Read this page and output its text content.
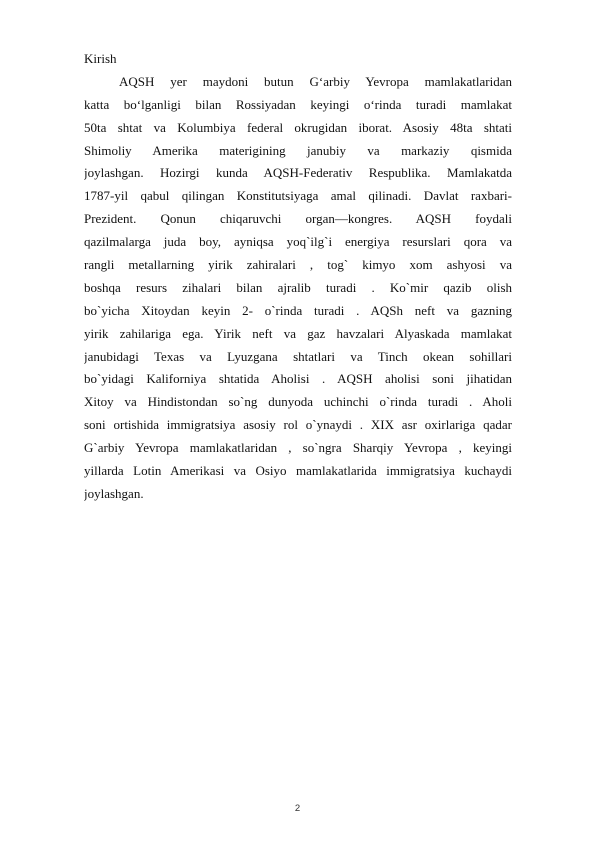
Kirish
AQSH yer maydoni butun G‘arbiy Yevropa mamlakatlaridan
katta bo‘lganligi bilan Rossiyadan keyingi o‘rinda turadi mamlakat
50ta shtat va Kolumbiya federal okrugidan iborat. Asosiy 48ta shtati
Shimoliy Amerika materigining janubiy va markaziy qismida
joylashgan. Hozirgi kunda AQSH-Federativ Respublika. Mamlakatda
1787-yil qabul qilingan Konstitutsiyaga amal qilinadi. Davlat raxbari-
Prezident. Qonun chiqaruvchi organ—kongres. AQSH foydali
qazilmalarga juda boy, ayniqsa yoq`ilg`i energiya resurslari qora va
rangli metallarning yirik zahiralari , tog` kimyo xom ashyosi va
boshqa resurs zihalari bilan ajralib turadi . Ko`mir qazib olish
bo`yicha Xitoydan keyin 2- o`rinda turadi . AQSh neft va gazning
yirik zahilariga ega. Yirik neft va gaz havzalari Alyaskada mamlakat
janubidagi Texas va Lyuzgana shtatlari va Tinch okean sohillari
bo`yidagi Kaliforniya shtatida Aholisi . AQSH aholisi soni jihatidan
Xitoy va Hindistondan so`ng dunyoda uchinchi o`rinda turadi . Aholi
soni ortishida immigratsiya asosiy rol o`ynaydi . XIX asr oxirlariga qadar
G`arbiy Yevropa mamlakatlaridan , so`ngra Sharqiy Yevropa , keyingi
yillarda Lotin Amerikasi va Osiyo mamlakatlarida immigratsiya kuchaydi
joylashgan.
2
